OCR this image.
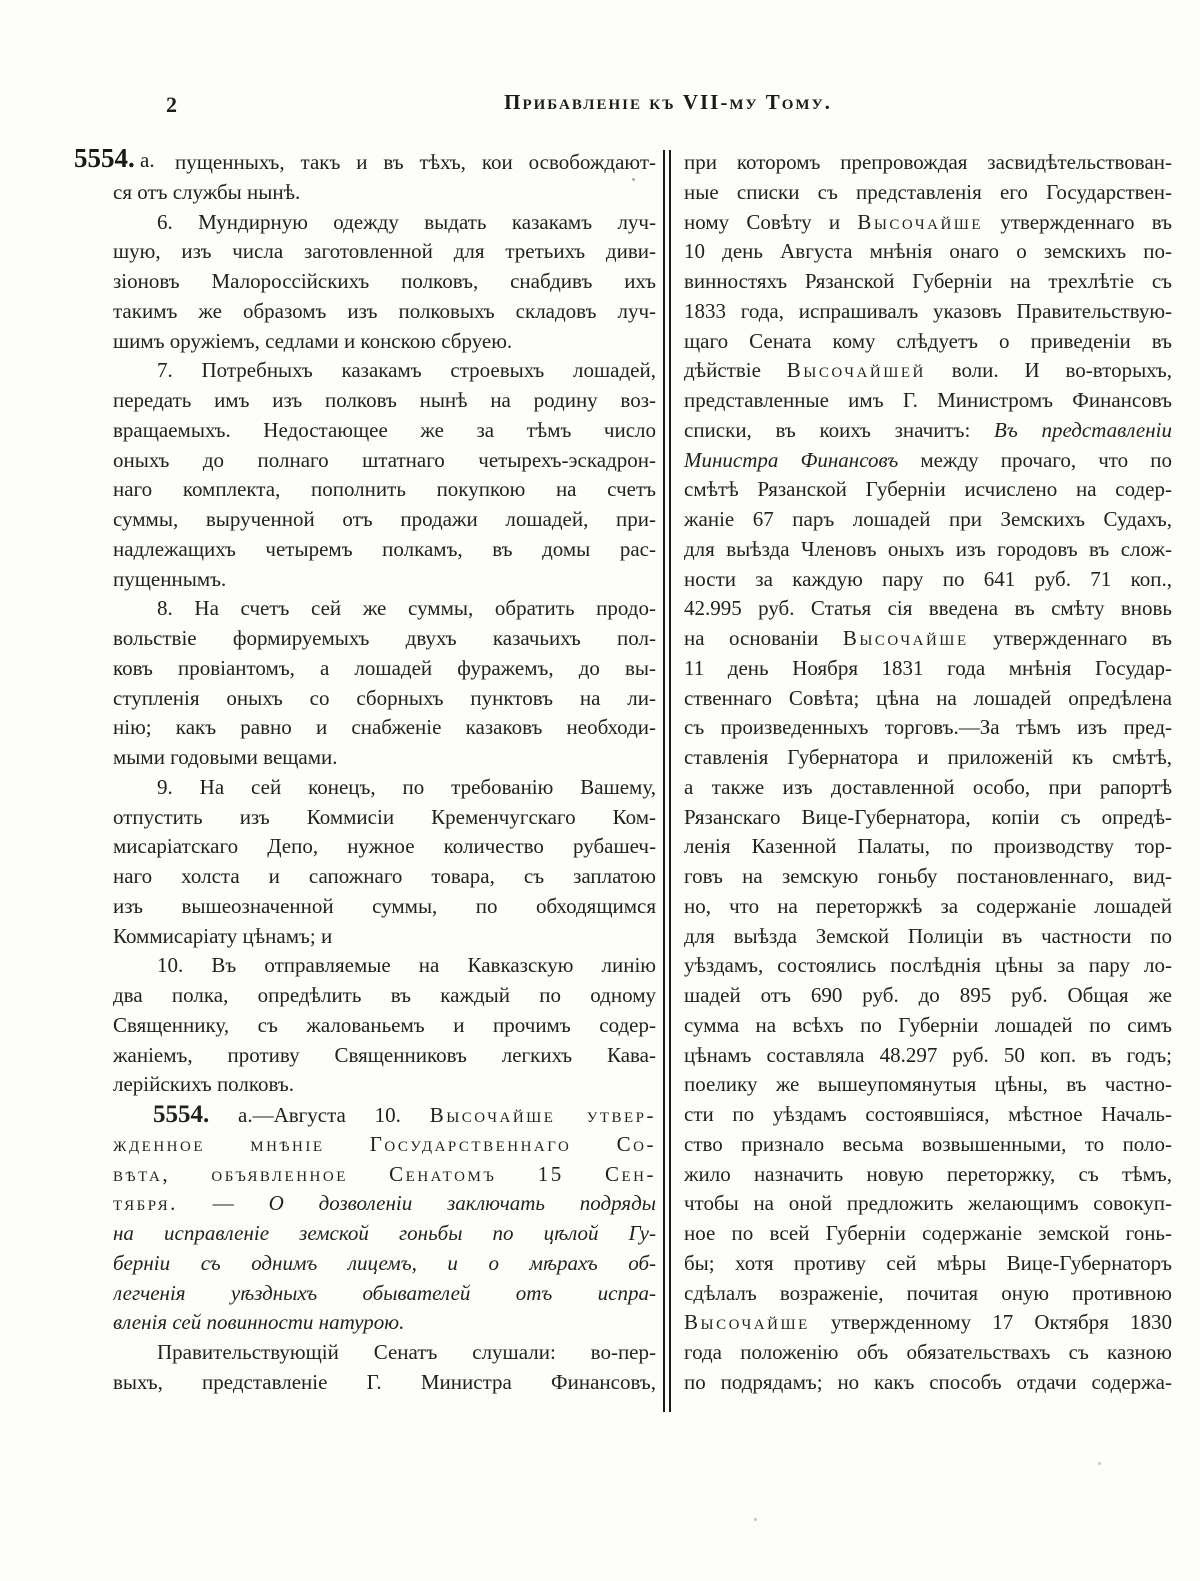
2	Прибавленіе къ VII-му Тому.
5554. а. пущенныхъ, такъ и въ тѣхъ, кои освобождают-
ся отъ службы нынѣ.
6. Мундирную одежду выдать казакамъ луч-
шую, изъ числа заготовленной для третьихъ диви-
зіоновъ Малороссійскихъ полковъ, снабдивъ ихъ
такимъ же образомъ изъ полковыхъ складовъ луч-
шимъ оружіемъ, седлами и конскою сбруею.
7. Потребныхъ казакамъ строевыхъ лошадей,
передать имъ изъ полковъ нынѣ на родину воз-
вращаемыхъ. Недостающее же за тѣмъ число
оныхъ до полнаго штатнаго четырехъ-эскадрон-
наго комплекта, пополнить покупкою на счетъ
суммы, вырученной отъ продажи лошадей, при-
надлежащихъ четыремъ полкамъ, въ домы рас-
пущеннымъ.
8. На счетъ сей же суммы, обратить продо-
вольствіе формируемыхъ двухъ казачьихъ пол-
ковъ провіантомъ, а лошадей фуражемъ, до вы-
ступленія оныхъ со сборныхъ пунктовъ на ли-
нію; какъ равно и снабженіе казаковъ необходи-
мыми годовыми вещами.
9. На сей конецъ, по требованію Вашему,
отпустить изъ Коммисіи Кременчугскаго Ком-
мисаріатскаго Депо, нужное количество рубашеч-
наго холста и сапожнаго товара, съ заплатою
изъ вышеозначенной суммы, по обходящимся
Коммисаріату цѣнамъ; и
10. Въ отправляемые на Кавказскую линію
два полка, опредѣлить въ каждый по одному
Священнику, съ жалованьемъ и прочимъ содер-
жаніемъ, противу Священниковъ легкихъ Кава-
лерійскихъ полковъ.
5554. а.—Августа 10. Высочайше утвер-
жденное мнѣніе Государственнаго Со-
вѣта, объявленное Сенатомъ 15 Сен-
тября. — О дозволеніи заключать подряды
на исправленіе земской гоньбы по цѣлой Гу-
берніи съ однимъ лицемъ, и о мѣрахъ об-
легченія уѣздныхъ обывателей отъ испра-
вленія сей повинности натурою.
Правительствующій Сенатъ слушали: во-пер-
выхъ, представленіе Г. Министра Финансовъ,
при которомъ препровождая засвидѣтельствован-
ные списки съ представленія его Государствен-
ному Совѣту и Высочайше утвержденнаго въ
10 день Августа мнѣнія онаго о земскихъ по-
винностяхъ Рязанской Губерніи на трехлѣтіе съ
1833 года, испрашивалъ указовъ Правительствую-
щаго Сената кому слѣдуетъ о приведеніи въ
дѣйствіе Высочайшей воли. И во-вторыхъ,
представленные имъ Г. Министромъ Финансовъ
списки, въ коихъ значитъ: Въ представленіи
Министра Финансовъ между прочаго, что по
смѣтѣ Рязанской Губерніи исчислено на содер-
жаніе 67 паръ лошадей при Земскихъ Судахъ,
для выѣзда Членовъ оныхъ изъ городовъ въ слож-
ности за каждую пару по 641 руб. 71 коп.,
42.995 руб. Статья сія введена въ смѣту вновь
на основаніи Высочайше утвержденнаго въ
11 день Ноября 1831 года мнѣнія Государ-
ственнаго Совѣта; цѣна на лошадей опредѣлена
съ произведенныхъ торговъ.—За тѣмъ изъ пред-
ставленія Губернатора и приложеній къ смѣтѣ,
а также изъ доставленной особо, при рапортѣ
Рязанскаго Вице-Губернатора, копіи съ опредѣ-
ленія Казенной Палаты, по производству тор-
говъ на земскую гоньбу постановленнаго, вид-
но, что на переторжкѣ за содержаніе лошадей
для выѣзда Земской Полиціи въ частности по
уѣздамъ, состоялись послѣднія цѣны за пару ло-
шадей отъ 690 руб. до 895 руб. Общая же
сумма на всѣхъ по Губерніи лошадей по симъ
цѣнамъ составляла 48.297 руб. 50 коп. въ годъ;
поелику же вышеупомянутыя цѣны, въ частно-
сти по уѣздамъ состоявшіяся, мѣстное Началь-
ство признало весьма возвышенными, то поло-
жило назначить новую переторжку, съ тѣмъ,
чтобы на оной предложить желающимъ совокуп-
ное по всей Губерніи содержаніе земской гонь-
бы; хотя противу сей мѣры Вице-Губернаторъ
сдѣлалъ возраженіе, почитая оную противною
Высочайше утвержденному 17 Октября 1830
года положенію объ обязательствахъ съ казною
по подрядамъ; но какъ способъ отдачи содержа-
